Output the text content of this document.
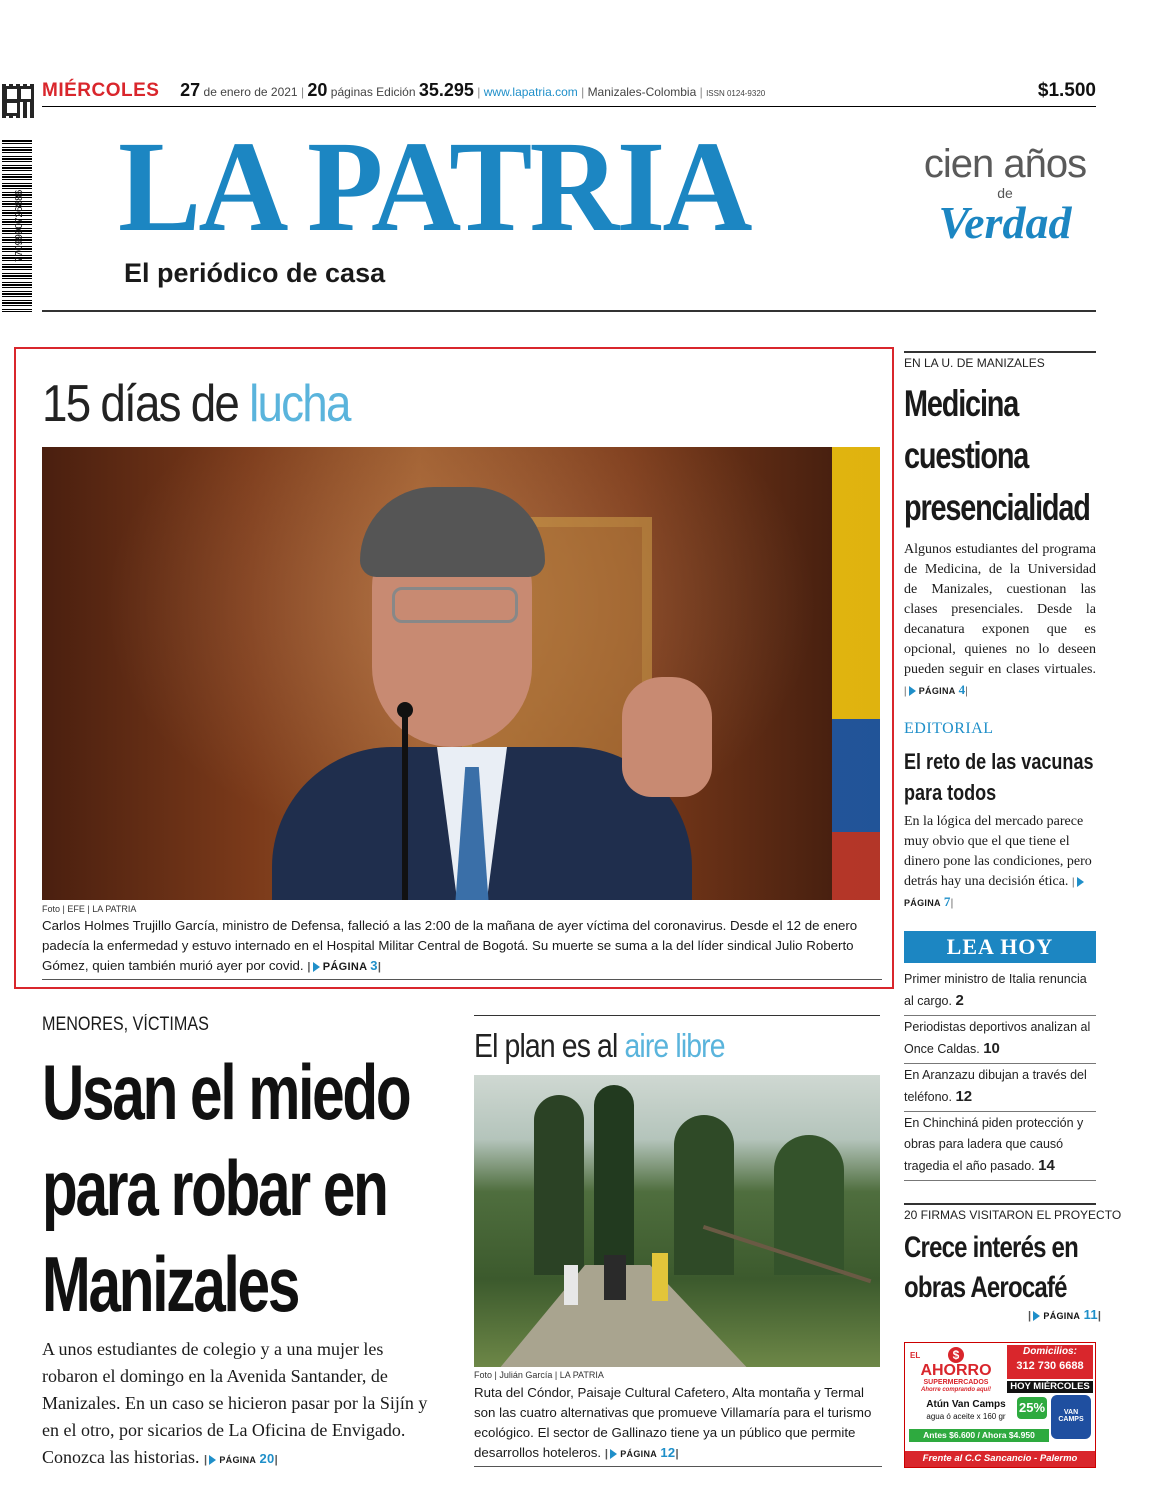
7709990726886
MIÉRCOLES 27 de enero de 2021 | 20 páginas Edición 35.295 | www.lapatria.com | Manizales-Colombia | ISSN 0124-9320	$1.500
LA PATRIA
El periódico de casa
cien años
de
Verdad
15 días de lucha
Foto | EFE | LA PATRIA
Carlos Holmes Trujillo García, ministro de Defensa, falleció a las 2:00 de la mañana de ayer víctima del coronavirus. Desde el 12 de enero padecía la enfermedad y estuvo internado en el Hospital Militar Central de Bogotá. Su muerte se suma a la del líder sindical Julio Roberto Gómez, quien también murió ayer por covid. | PÁGINA 3|
EN LA U. DE MANIZALES
Medicina cuestiona presencialidad
Algunos estudiantes del programa de Medicina, de la Universidad de Manizales, cuestionan las clases presenciales. Desde la decanatura exponen que es opcional, quienes no lo deseen pueden seguir en clases virtuales. | PÁGINA 4|
EDITORIAL
El reto de las vacunas para todos
En la lógica del mercado parece muy obvio que el que tiene el dinero pone las condiciones, pero detrás hay una decisión ética. |PÁGINA 7|
LEA HOY
Primer ministro de Italia renuncia al cargo. 2
Periodistas deportivos analizan al Once Caldas. 10
En Aranzazu dibujan a través del teléfono. 12
En Chinchiná piden protección y obras para ladera que causó tragedia el año pasado. 14
20 FIRMAS VISITARON EL PROYECTO
Crece interés en obras Aerocafé
| PÁGINA 11|
$
AHORRO
SUPERMERCADOS
Ahorre comprando aquí!
EL	Domicilios:
312 730 6688
HOY MIÉRCOLES
Atún Van Camps
agua ó aceite x 160 gr
25%	VAN CAMPS
Antes $6.600 / Ahora $4.950
Frente al C.C Sancancio - Palermo
MENORES, VÍCTIMAS
Usan el miedo para robar en Manizales
A unos estudiantes de colegio y a una mujer les robaron el domingo en la Avenida Santander, de Manizales. En un caso se hicieron pasar por la Sijín y en el otro, por sicarios de La Oficina de Envigado. Conozca las historias. | PÁGINA 20|
El plan es al aire libre
Foto | Julián García | LA PATRIA
Ruta del Cóndor, Paisaje Cultural Cafetero, Alta montaña y Termal son las cuatro alternativas que promueve Villamaría para el turismo ecológico. El sector de Gallinazo tiene ya un público que permite desarrollos hoteleros. | PÁGINA 12|
